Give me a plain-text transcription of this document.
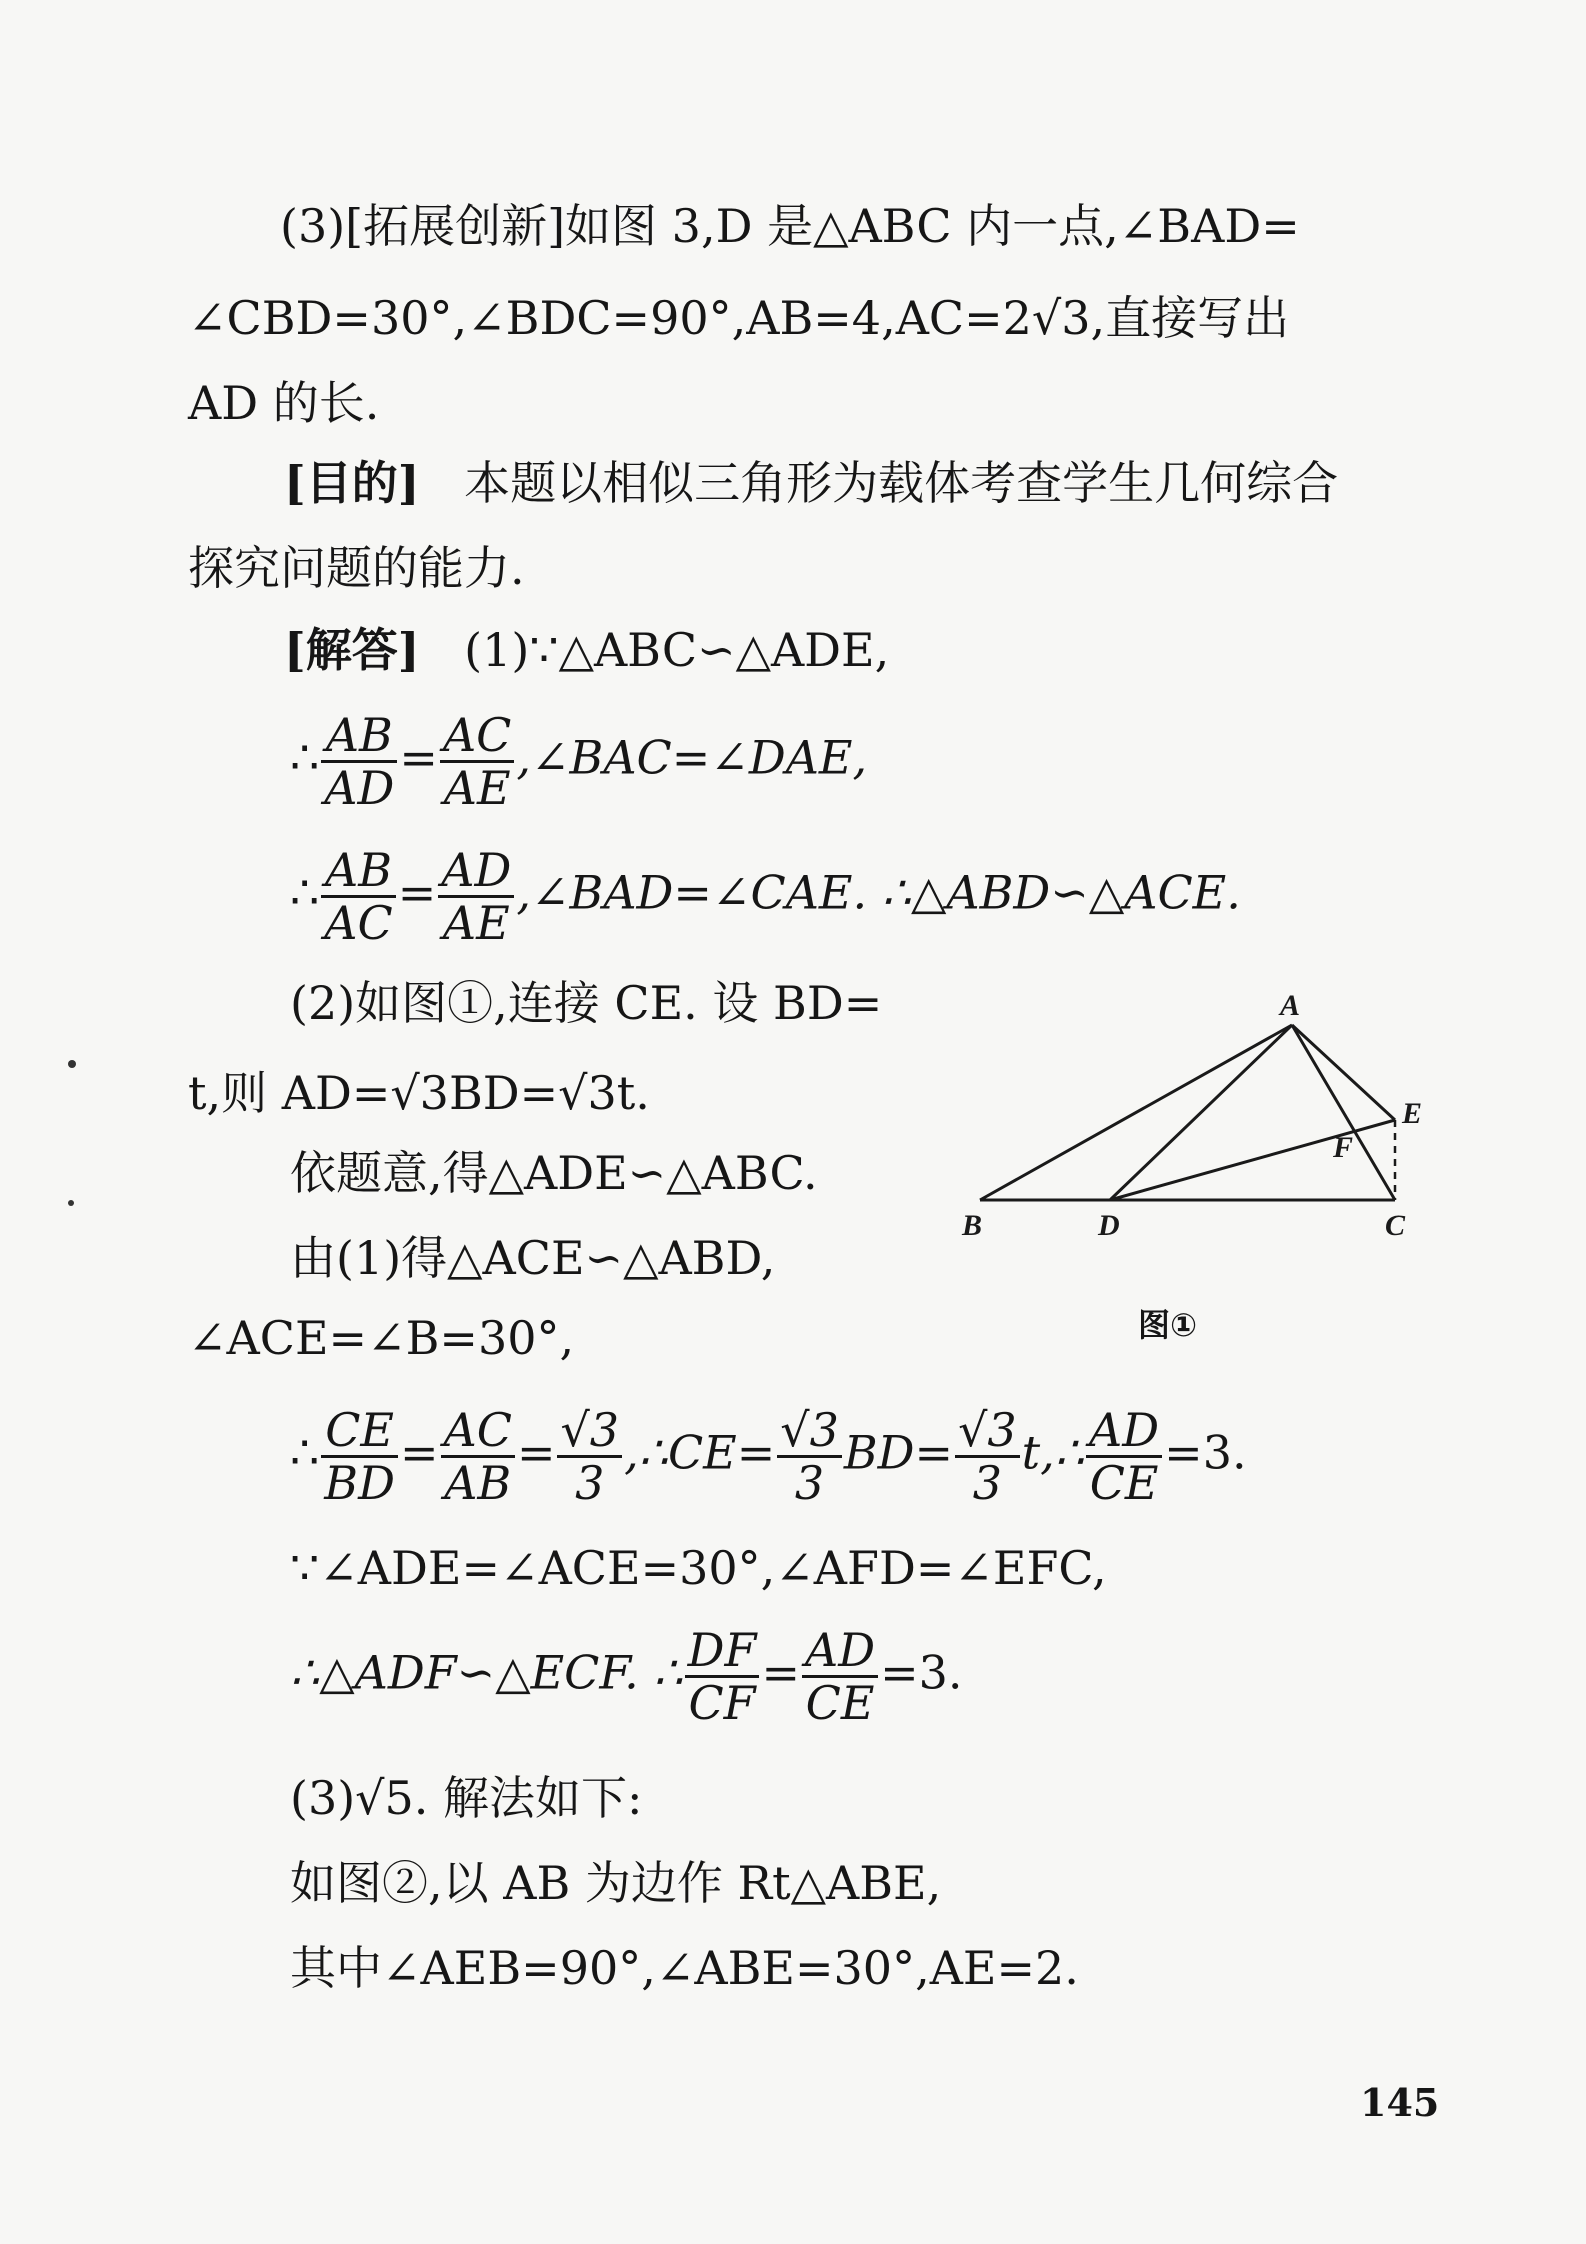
(3)[拓展创新]如图 3,D 是△ABC 内一点,∠BAD=
∠CBD=30°,∠BDC=90°,AB=4,AC=2√3,直接写出
AD 的长.
[目的] 本题以相似三角形为载体考查学生几何综合
探究问题的能力.
[解答] (1)∵△ABC∽△ADE,
∴ $\frac{AB}{AD} = \frac{AC}{AE}$ ,∠BAC=∠DAE,
∴ $\frac{AB}{AC} = \frac{AD}{AE}$ ,∠BAD=∠CAE. ∴△ABD∽△ACE.
(2)如图①,连接 CE. 设 BD=
t,则 AD=√3BD=√3t.
依题意,得△ADE∽△ABC.
由(1)得△ACE∽△ABD,
∠ACE=∠B=30°,
∴ $\frac{CE}{BD} = \frac{AC}{AB} = \frac{√3}{3}$ ,∴CE= $\frac{√3}{3} BD= \frac{√3}{3}$ t,∴ $\frac{AD}{CE} =3$.
∵∠ADE=∠ACE=30°,∠AFD=∠EFC,
∴△ADF∽△ECF. ∴ $\frac{DF}{CF} = \frac{AD}{CE} =3$.
(3)√5. 解法如下:
如图②,以 AB 为边作 Rt△ABE,
其中∠AEB=90°,∠ABE=30°,AE=2.
A
B	C
D
E
F
图①
145
